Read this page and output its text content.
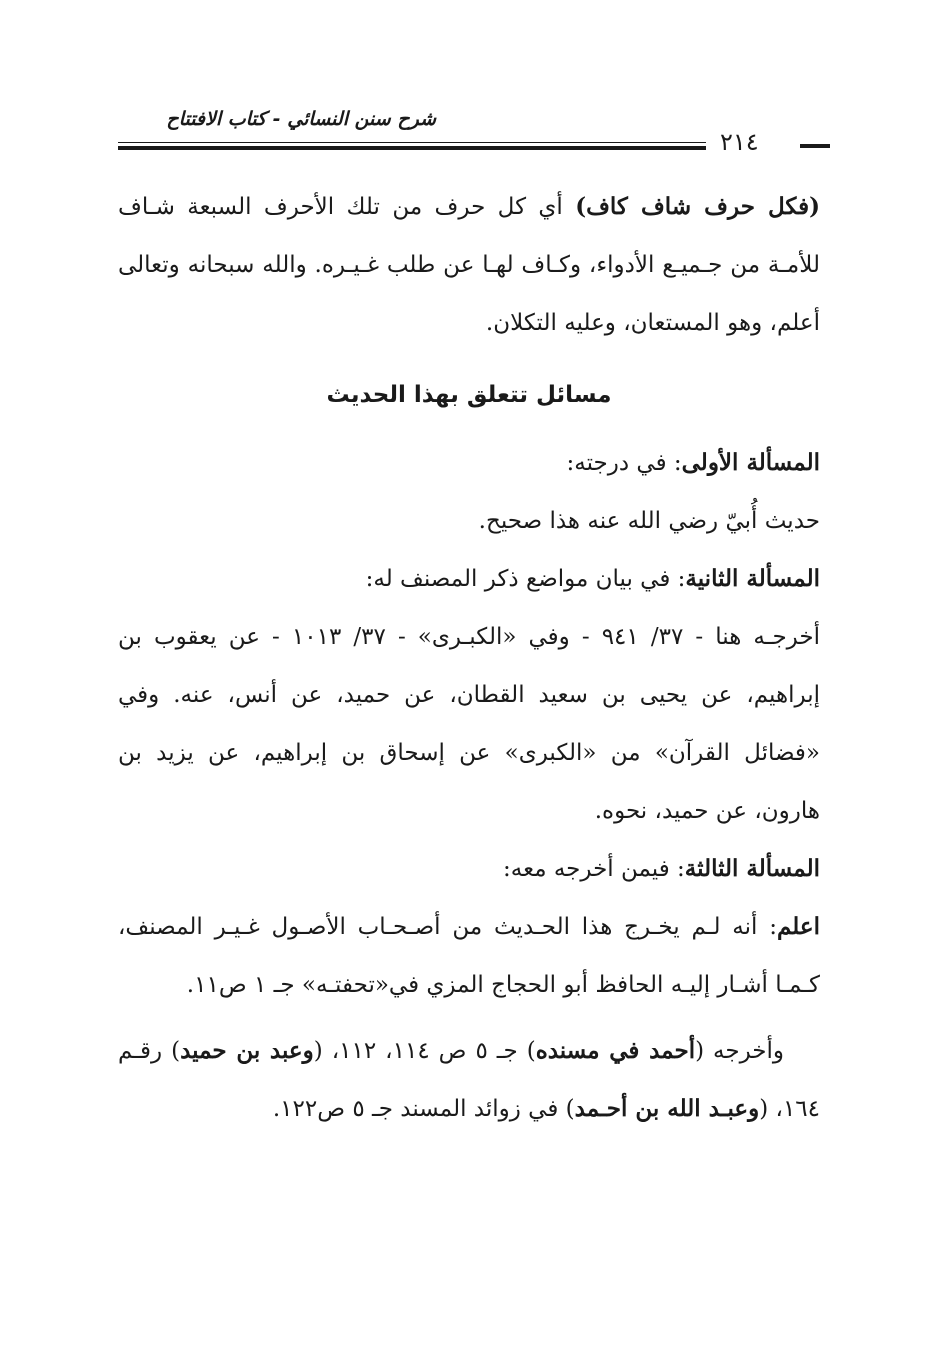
شرح سنن النسائي - كتاب الافتتاح
٢١٤

(فكل حرف شاف كاف) أي كل حرف من تلك الأحرف السبعة شـاف للأمـة من جـميـع الأدواء، وكـاف لهـا عن طلب غـيـره. والله سبحانه وتعالى أعلم، وهو المستعان، وعليه التكلان.

مسائل تتعلق بهذا الحديث

المسألة الأولى: في درجته:

حديث أُبيّ رضي الله عنه هذا صحيح.

المسألة الثانية: في بيان مواضع ذكر المصنف له:

أخرجـه هنا - ٣٧/ ٩٤١ - وفي «الكبـرى» - ٣٧/ ١٠١٣ - عن يعقوب بن إبراهيم، عن يحيى بن سعيد القطان، عن حميد، عن أنس، عنه. وفي «فضائل القرآن» من «الكبرى» عن إسحاق بن إبراهيم، عن يزيد بن هارون، عن حميد، نحوه.

المسألة الثالثة: فيمن أخرجه معه:

اعلم: أنه لـم يخـرج هذا الحـديث من أصـحـاب الأصـول غـيـر المصنف، كـمـا أشـار إليـه الحافظ أبو الحجاج المزي في«تحفتـه» جـ ١ ص١١.

وأخرجه (أحمد في مسنده) جـ ٥ ص ١١٤، ١١٢، (وعبد بن حميد) رقـم ١٦٤، (وعبـد الله بن أحـمد) في زوائد المسند جـ ٥ ص١٢٢.
